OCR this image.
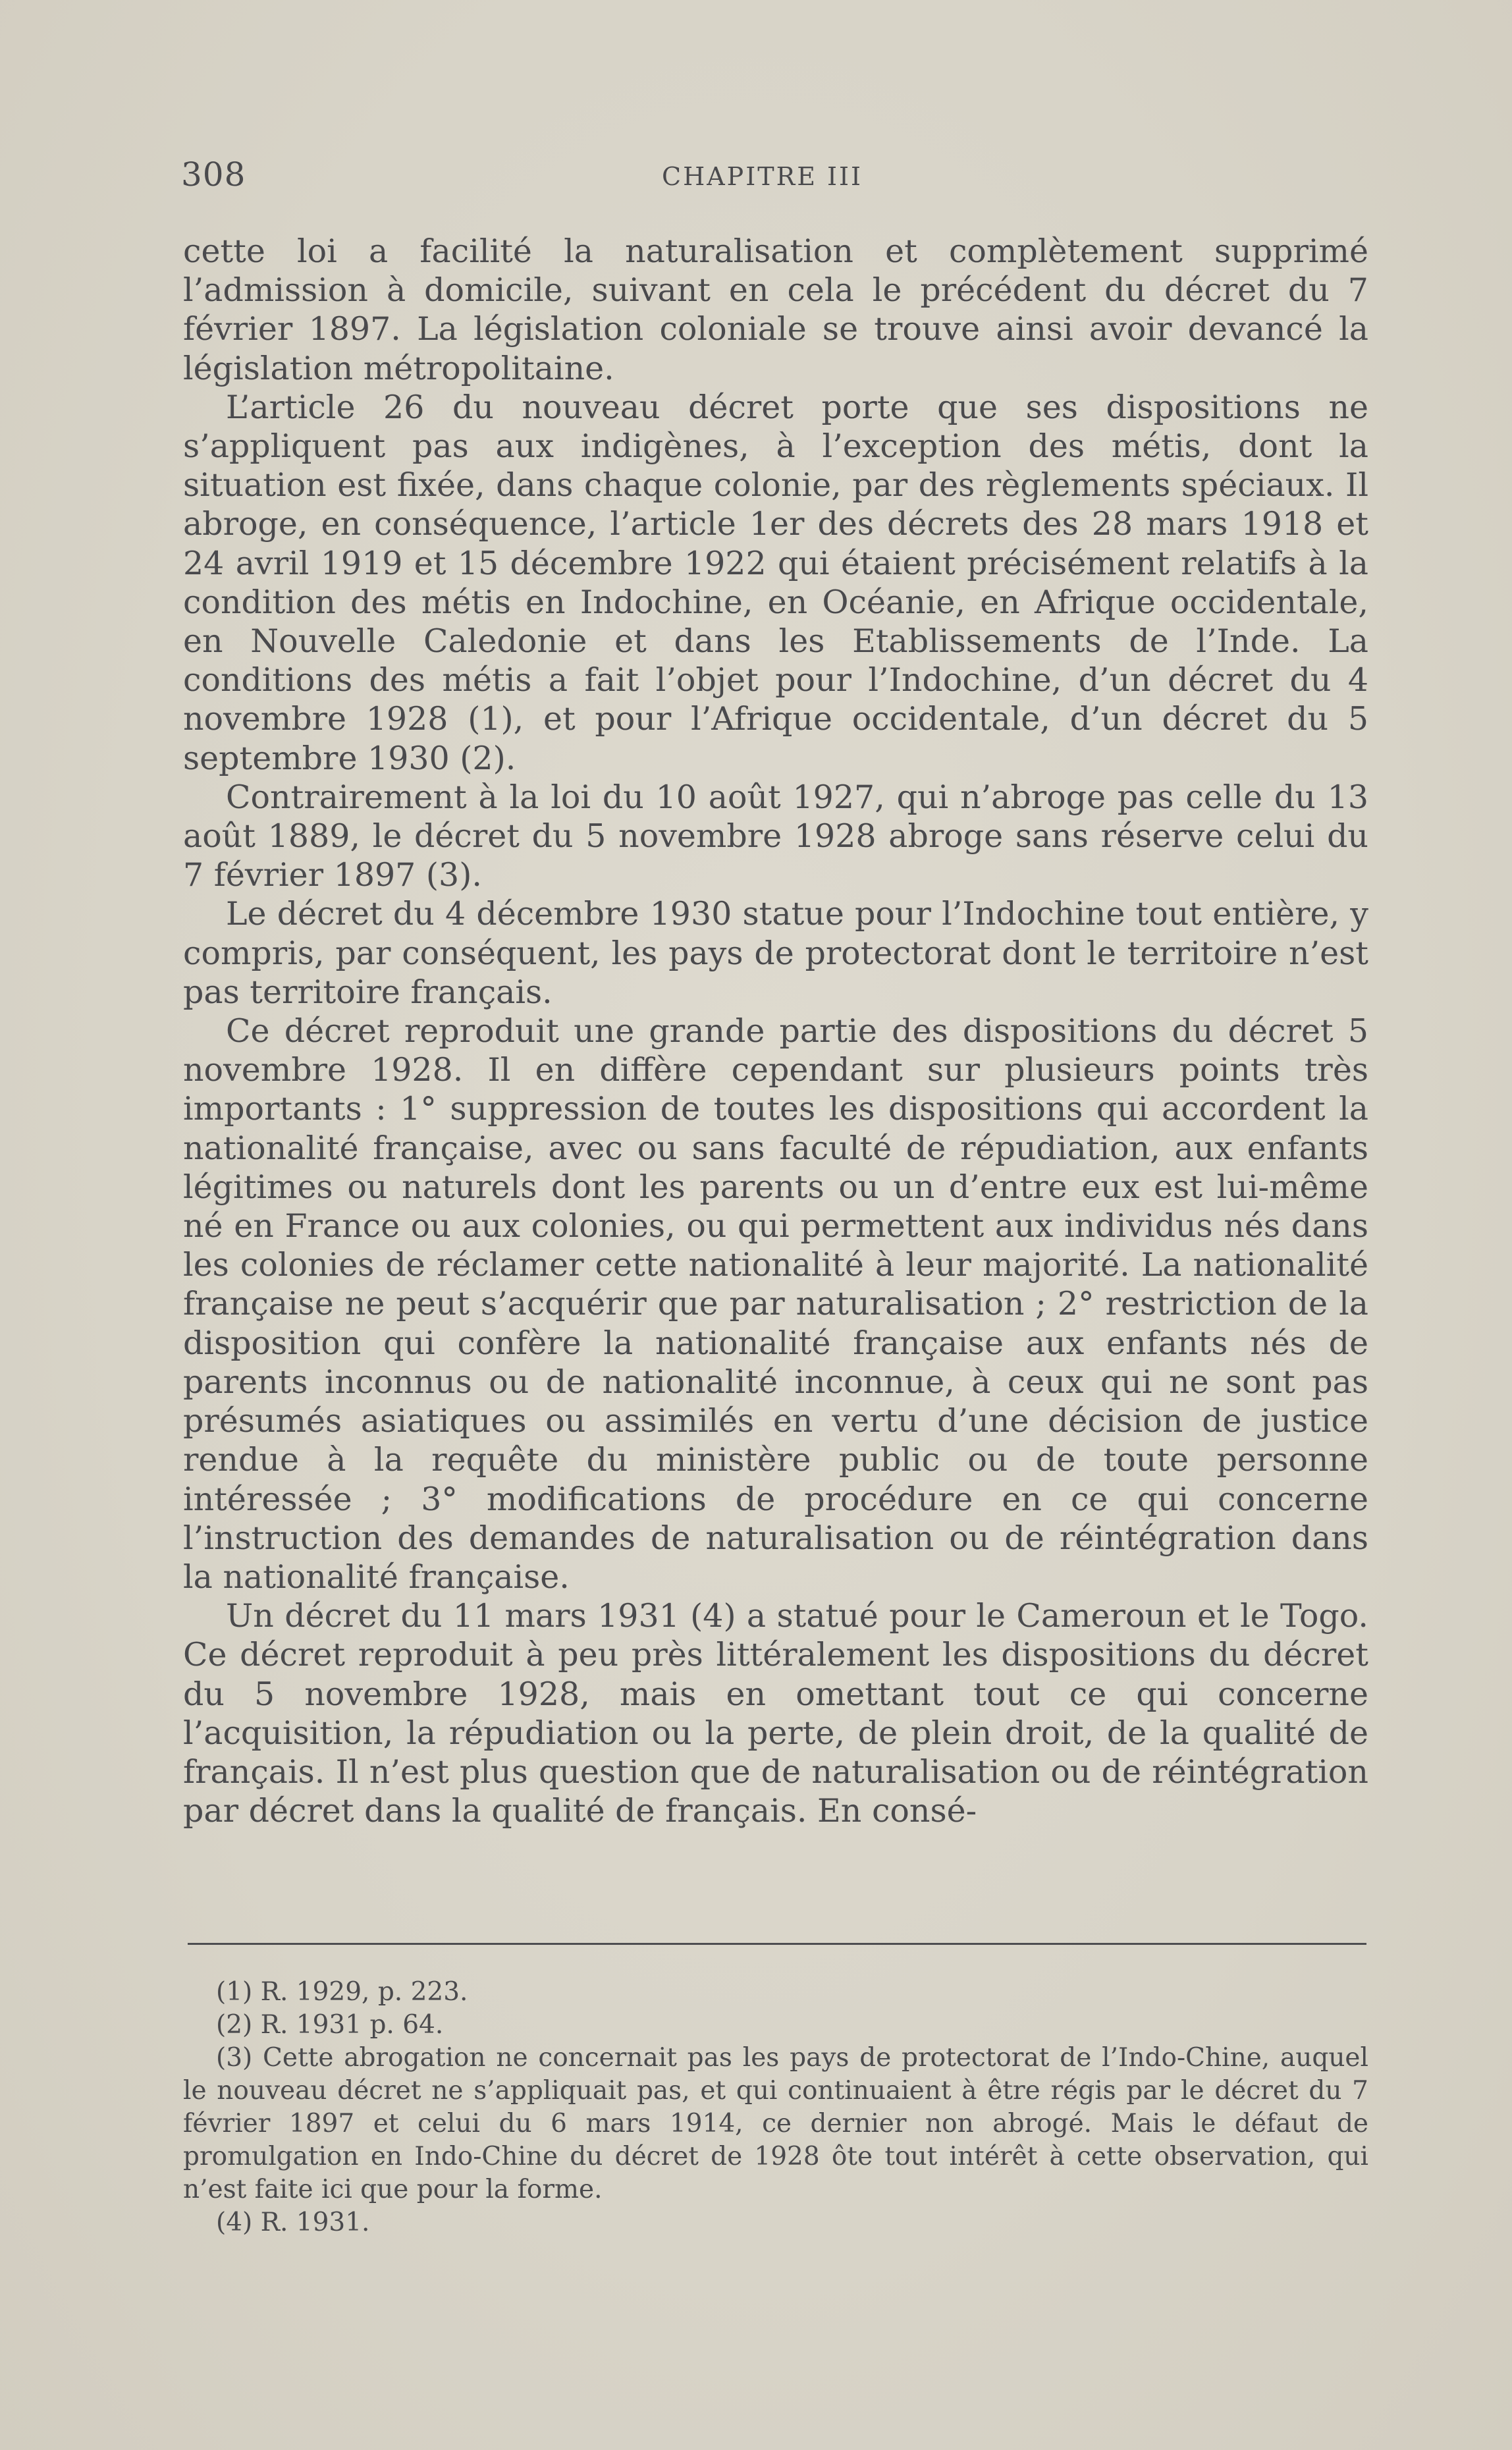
308	CHAPITRE III

cette loi a facilité la naturalisation et complètement supprimé l’admission à domicile, suivant en cela le précédent du décret du 7 février 1897. La législation coloniale se trouve ainsi avoir devancé la législation métropolitaine.

L’article 26 du nouveau décret porte que ses dispositions ne s’appliquent pas aux indigènes, à l’exception des métis, dont la situation est fixée, dans chaque colonie, par des règlements spéciaux. Il abroge, en conséquence, l’article 1er des décrets des 28 mars 1918 et 24 avril 1919 et 15 décembre 1922 qui étaient précisément relatifs à la condition des métis en Indochine, en Océanie, en Afrique occidentale, en Nouvelle Caledonie et dans les Etablissements de l’Inde. La conditions des métis a fait l’objet pour l’Indochine, d’un décret du 4 novembre 1928 (1), et pour l’Afrique occidentale, d’un décret du 5 septembre 1930 (2).

Contrairement à la loi du 10 août 1927, qui n’abroge pas celle du 13 août 1889, le décret du 5 novembre 1928 abroge sans réserve celui du 7 février 1897 (3).

Le décret du 4 décembre 1930 statue pour l’Indochine tout entière, y compris, par conséquent, les pays de protectorat dont le territoire n’est pas territoire français.

Ce décret reproduit une grande partie des dispositions du décret 5 novembre 1928. Il en diffère cependant sur plusieurs points très importants : 1° suppression de toutes les dispositions qui accordent la nationalité française, avec ou sans faculté de répudiation, aux enfants légitimes ou naturels dont les parents ou un d’entre eux est lui-même né en France ou aux colonies, ou qui permettent aux individus nés dans les colonies de réclamer cette nationalité à leur majorité. La nationalité française ne peut s’acquérir que par naturalisation ; 2° restriction de la disposition qui confère la nationalité française aux enfants nés de parents inconnus ou de nationalité inconnue, à ceux qui ne sont pas présumés asiatiques ou assimilés en vertu d’une décision de justice rendue à la requête du ministère public ou de toute personne intéressée ; 3° modifications de procédure en ce qui concerne l’instruction des demandes de naturalisation ou de réintégration dans la nationalité française.

Un décret du 11 mars 1931 (4) a statué pour le Cameroun et le Togo. Ce décret reproduit à peu près littéralement les dispositions du décret du 5 novembre 1928, mais en omettant tout ce qui concerne l’acquisition, la répudiation ou la perte, de plein droit, de la qualité de français. Il n’est plus question que de naturalisation ou de réintégration par décret dans la qualité de français. En consé-

(1) R. 1929, p. 223.

(2) R. 1931 p. 64.

(3) Cette abrogation ne concernait pas les pays de protectorat de l’Indo-Chine, auquel le nouveau décret ne s’appliquait pas, et qui continuaient à être régis par le décret du 7 février 1897 et celui du 6 mars 1914, ce dernier non abrogé. Mais le défaut de promulgation en Indo-Chine du décret de 1928 ôte tout intérêt à cette observation, qui n’est faite ici que pour la forme.

(4) R. 1931.
